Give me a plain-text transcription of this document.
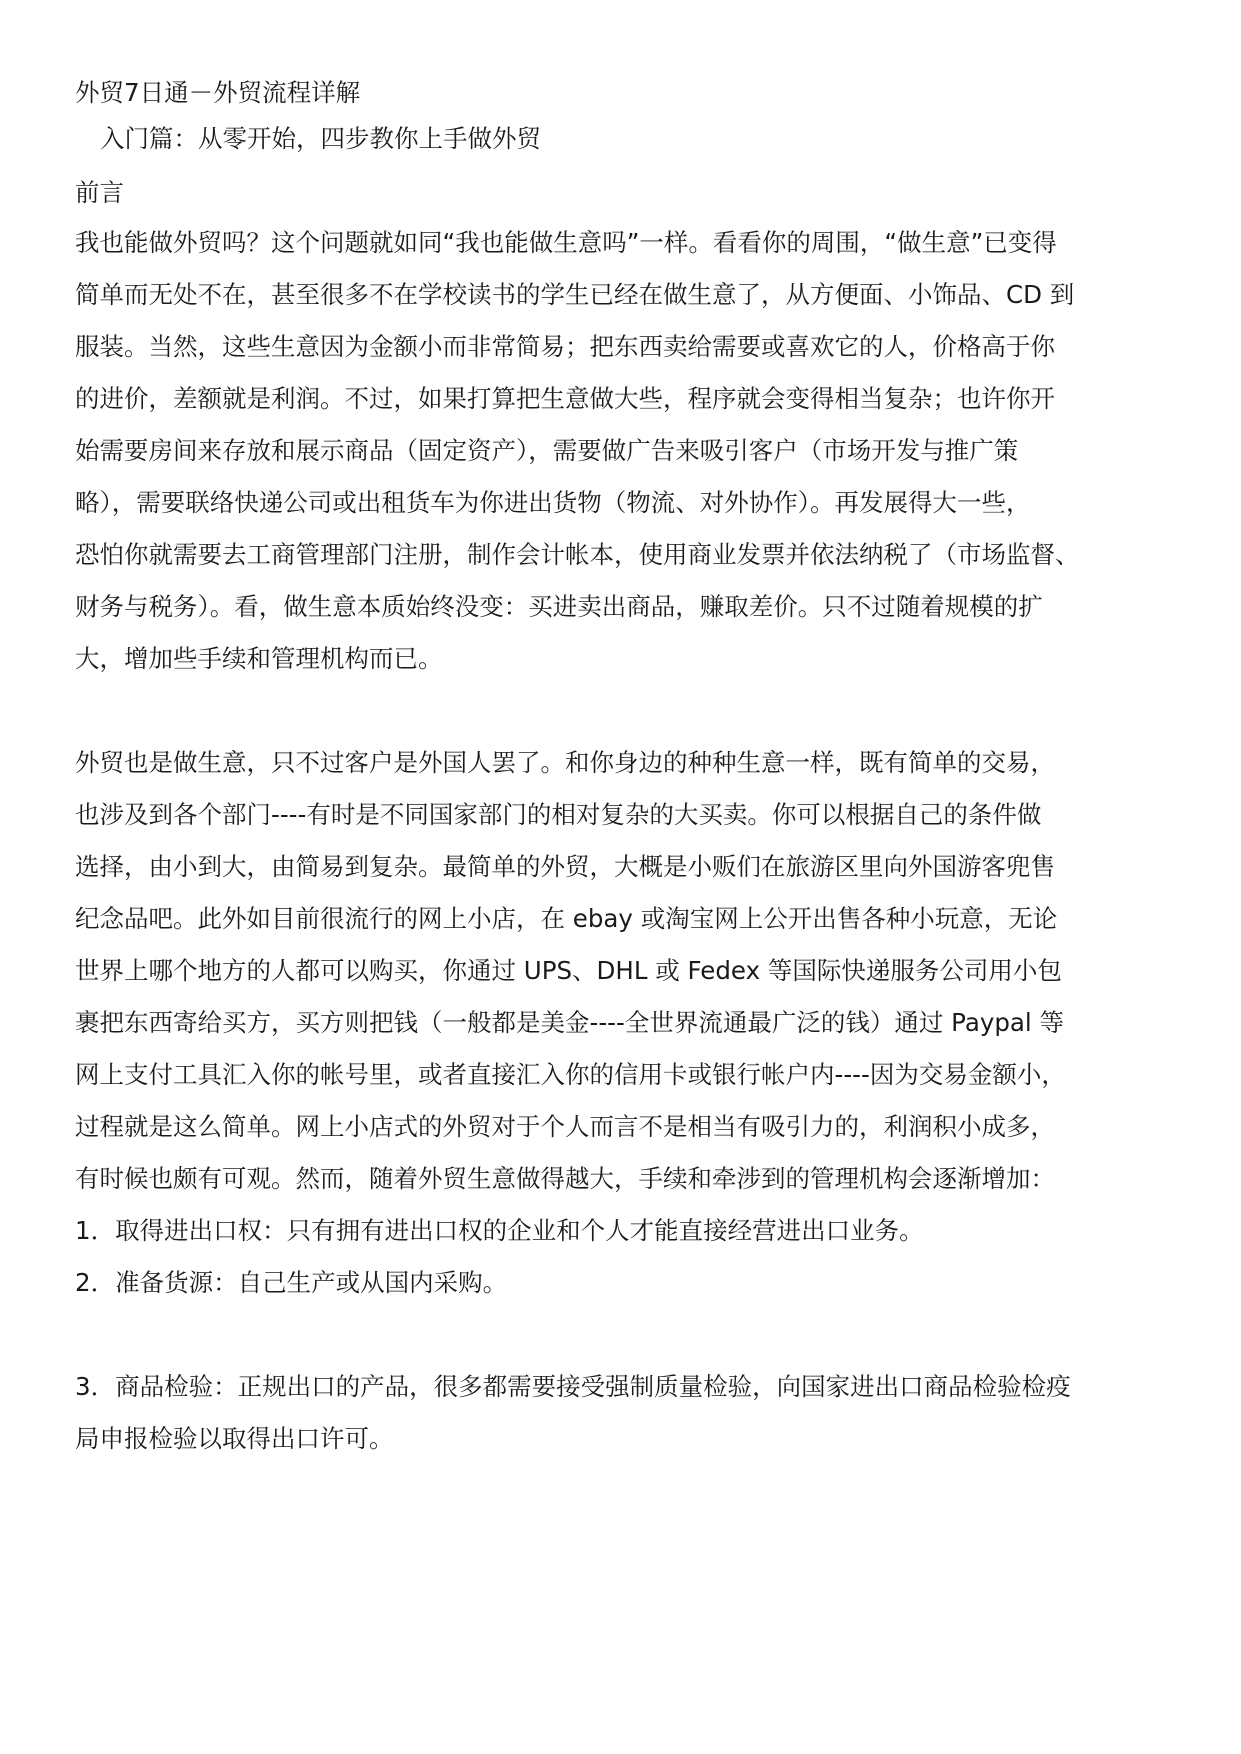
外贸7日通－外贸流程详解
入门篇：从零开始，四步教你上手做外贸
前言
我也能做外贸吗？这个问题就如同“我也能做生意吗”一样。看看你的周围，“做生意”已变得
简单而无处不在，甚至很多不在学校读书的学生已经在做生意了，从方便面、小饰品、CD 到
服装。当然，这些生意因为金额小而非常简易；把东西卖给需要或喜欢它的人，价格高于你
的进价，差额就是利润。不过，如果打算把生意做大些，程序就会变得相当复杂；也许你开
始需要房间来存放和展示商品（固定资产），需要做广告来吸引客户（市场开发与推广策
略），需要联络快递公司或出租货车为你进出货物（物流、对外协作）。再发展得大一些，
恐怕你就需要去工商管理部门注册，制作会计帐本，使用商业发票并依法纳税了（市场监督、
财务与税务）。看，做生意本质始终没变：买进卖出商品，赚取差价。只不过随着规模的扩
大，增加些手续和管理机构而已。
外贸也是做生意，只不过客户是外国人罢了。和你身边的种种生意一样，既有简单的交易，
也涉及到各个部门----有时是不同国家部门的相对复杂的大买卖。你可以根据自己的条件做
选择，由小到大，由简易到复杂。最简单的外贸，大概是小贩们在旅游区里向外国游客兜售
纪念品吧。此外如目前很流行的网上小店，在 ebay 或淘宝网上公开出售各种小玩意，无论
世界上哪个地方的人都可以购买，你通过 UPS、DHL 或 Fedex 等国际快递服务公司用小包
裹把东西寄给买方，买方则把钱（一般都是美金----全世界流通最广泛的钱）通过 Paypal 等
网上支付工具汇入你的帐号里，或者直接汇入你的信用卡或银行帐户内----因为交易金额小，
过程就是这么简单。网上小店式的外贸对于个人而言不是相当有吸引力的，利润积小成多，
有时候也颇有可观。然而，随着外贸生意做得越大，手续和牵涉到的管理机构会逐渐增加：
1．取得进出口权：只有拥有进出口权的企业和个人才能直接经营进出口业务。
2．准备货源：自己生产或从国内采购。
3．商品检验：正规出口的产品，很多都需要接受强制质量检验，向国家进出口商品检验检疫
局申报检验以取得出口许可。
